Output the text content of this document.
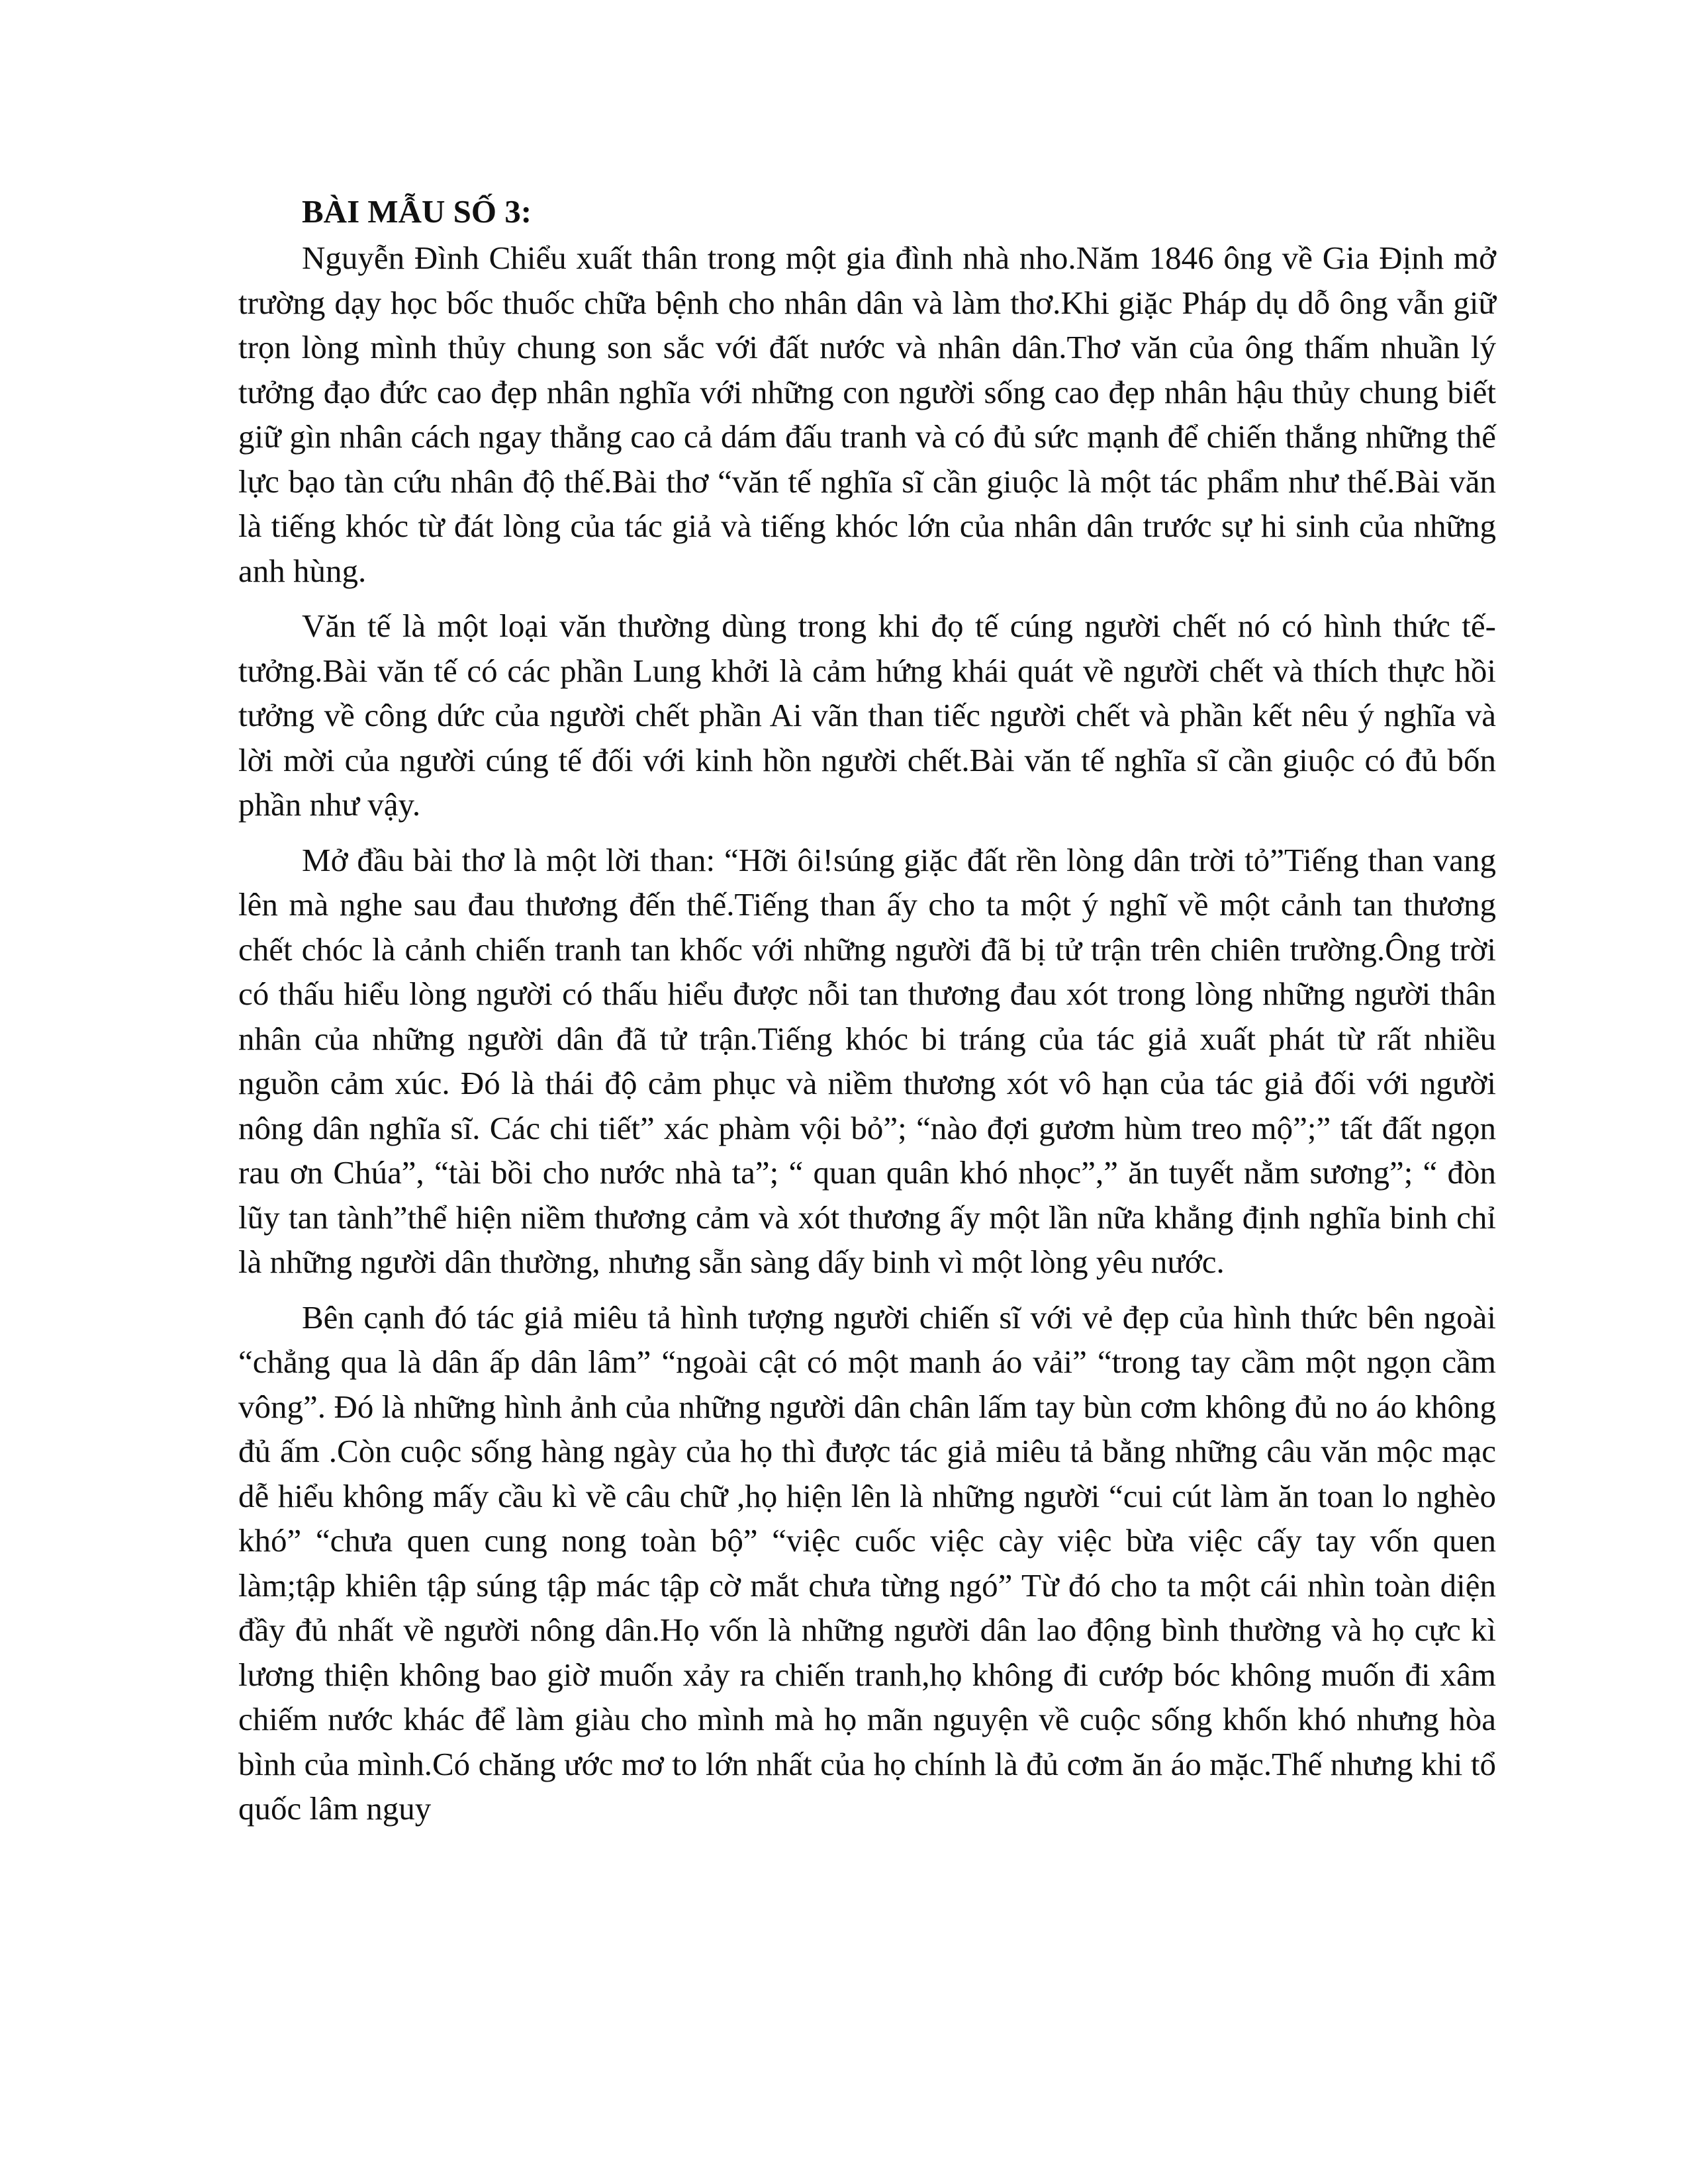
BÀI MẪU SỐ 3:

Nguyễn Đình Chiểu xuất thân trong một gia đình nhà nho.Năm 1846 ông về Gia Định mở trường dạy học bốc thuốc chữa bệnh cho nhân dân và làm thơ.Khi giặc Pháp dụ dỗ ông vẫn giữ trọn lòng mình thủy chung son sắc với đất nước và nhân dân.Thơ văn của ông thấm nhuần lý tưởng đạo đức cao đẹp nhân nghĩa với những con người sống cao đẹp nhân hậu thủy chung biết giữ gìn nhân cách ngay thẳng cao cả dám đấu tranh và có đủ sức mạnh để chiến thắng những thế lực bạo tàn cứu nhân độ thế.Bài thơ “văn tế nghĩa sĩ cần giuộc là một tác phẩm như thế.Bài văn là tiếng khóc từ đát lòng của tác giả và tiếng khóc lớn của nhân dân trước sự hi sinh của những anh hùng.

Văn tế là một loại văn thường dùng trong khi đọ tế cúng người chết nó có hình thức tế-tưởng.Bài văn tế có các phần Lung khởi là cảm hứng khái quát về người chết và thích thực hồi tưởng về công dức của người chết phần Ai vãn than tiếc người chết và phần kết nêu ý nghĩa và lời mời của người cúng tế đối với kinh hồn người chết.Bài văn tế nghĩa sĩ cần giuộc có đủ bốn phần như vậy.

Mở đầu bài thơ là một lời than: “Hỡi ôi!súng giặc đất rền lòng dân trời tỏ”Tiếng than vang lên mà nghe sau đau thương đến thế.Tiếng than ấy cho ta một ý nghĩ về một cảnh tan thương chết chóc là cảnh chiến tranh tan khốc với những người đã bị tử trận trên chiên trường.Ông trời có thấu hiểu lòng người có thấu hiểu được nỗi tan thương đau xót trong lòng những người thân nhân của những người dân đã tử trận.Tiếng khóc bi tráng của tác giả xuất phát từ rất nhiều nguồn cảm xúc. Đó là thái độ cảm phục và niềm thương xót vô hạn của tác giả đối với người nông dân nghĩa sĩ. Các chi tiết” xác phàm vội bỏ”; “nào đợi gươm hùm treo mộ”;” tất đất ngọn rau ơn Chúa”, “tài bồi cho nước nhà ta”; “ quan quân khó nhọc”,” ăn tuyết nằm sương”; “ đòn lũy tan tành”thể hiện niềm thương cảm và xót thương ấy một lần nữa khẳng định nghĩa binh chỉ là những người dân thường, nhưng sẵn sàng dấy binh vì một lòng yêu nước.

Bên cạnh đó tác giả miêu tả hình tượng người chiến sĩ với vẻ đẹp của hình thức bên ngoài “chẳng qua là dân ấp dân lâm” “ngoài cật có một manh áo vải” “trong tay cầm một ngọn cầm vông”. Đó là những hình ảnh của những người dân chân lấm tay bùn cơm không đủ no áo không đủ ấm .Còn cuộc sống hàng ngày của họ thì được tác giả miêu tả bằng những câu văn mộc mạc dễ hiểu không mấy cầu kì về câu chữ ,họ hiện lên là những người “cui cút làm ăn toan lo nghèo khó” “chưa quen cung nong toàn bộ” “việc cuốc việc cày việc bừa việc cấy tay vốn quen làm;tập khiên tập súng tập mác tập cờ mắt chưa từng ngó” Từ đó cho ta một cái nhìn toàn diện đầy đủ nhất về người nông dân.Họ vốn là những người dân lao động bình thường và họ cực kì lương thiện không bao giờ muốn xảy ra chiến tranh,họ không đi cướp bóc không muốn đi xâm chiếm nước khác để làm giàu cho mình mà họ mãn nguyện về cuộc sống khốn khó nhưng hòa bình của mình.Có chăng ước mơ to lớn nhất của họ chính là đủ cơm ăn áo mặc.Thế nhưng khi tổ quốc lâm nguy
